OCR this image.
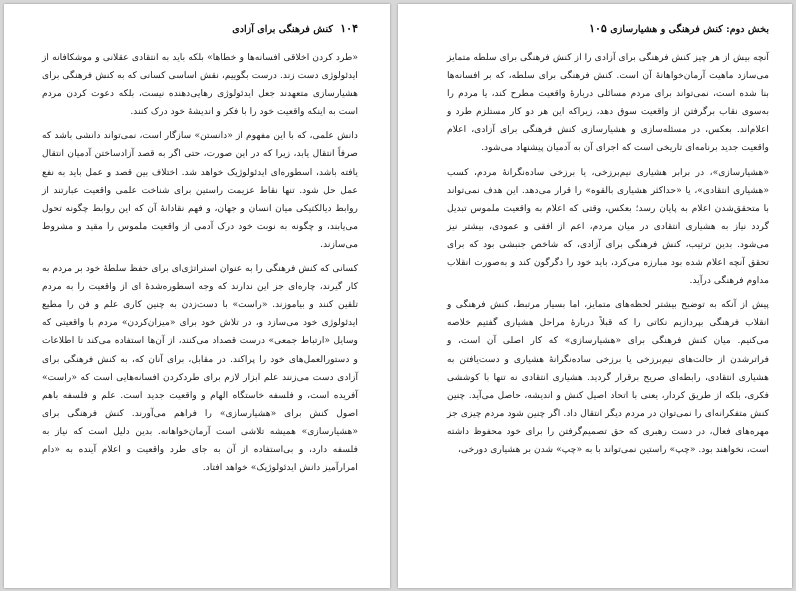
۱۰۴ کنش فرهنگی برای آزادی

«طرد کردن اخلاقی افسانه‌ها و خطاها» بلکه باید به انتقادی عقلانی و موشکافانه از ایدئولوژی دست زند. درست بگوییم، نقش اساسی کسانی که به کنش فرهنگی برای هشیارسازی متعهدند جعل ایدئولوژی رهایی‌دهنده نیست، بلکه دعوت کردن مردم است به اینکه واقعیت خود را با فکر و اندیشهٔ خود درک کنند.

دانش علمی، که با این مفهوم از «دانستن» سازگار است، نمی‌تواند دانشی باشد که صرفاً انتقال یابد، زیرا که در این صورت، حتی اگر به قصد آزادساختن آدمیان انتقال یافته باشد، اسطوره‌ای ایدئولوژیک خواهد شد. اختلاف بین قصد و عمل باید به نفع عمل حل شود. تنها نقاط عزیمت راستین برای شناخت علمی واقعیت عبارتند از روابط دیالکتیکی میان انسان و جهان، و فهم نقادانهٔ آن که این روابط چگونه تحول می‌یابند، و چگونه به نوبت خود درک آدمی از واقعیت ملموس را مقید و مشروط می‌سازند.

کسانی که کنش فرهنگی را به عنوان استراتژی‌ای برای حفظ سلطهٔ خود بر مردم به کار گیرند، چاره‌ای جز این ندارند که وجه اسطوره‌شدهٔ ای از واقعیت را به مردم تلقین کنند و بیاموزند. «راست» با دست‌زدن به چنین کاری علم و فن را مطیع ایدئولوژی خود می‌سازد و، در تلاش خود برای «میزان‌کردن» مردم با واقعیتی که وسایل «ارتباط جمعی» درست قصداد می‌کنند، از آن‌ها استفاده می‌کند تا اطلاعات و دستورالعمل‌های خود را پراکند. در مقابل، برای آنان که، به کنش فرهنگی برای آزادی دست می‌زنند علم ابزار لازم برای طردکردن افسانه‌هایی است که «راست» آفریده است، و فلسفه خاستگاه الهام و واقعیت جدید است. علم و فلسفه باهم اصول کنش برای «هشیارسازی» را فراهم می‌آورند. کنش فرهنگی برای «هشیارسازی» همیشه تلاشی است آرمان‌خواهانه. بدین دلیل است که نیاز به فلسفه دارد، و بی‌استفاده از آن به جای طرد واقعیت و اعلام آینده به «دام امرارآمیز دانش ایدئولوژیک» خواهد افتاد.

بخش دوم: کنش فرهنگی و هشیارسازی ۱۰۵

آنچه بیش از هر چیز کنش فرهنگی برای آزادی را از کنش فرهنگی برای سلطه متمایز می‌سازد ماهیت آرمان‌خواهانهٔ آن است. کنش فرهنگی برای سلطه، که بر افسانه‌ها بنا شده است، نمی‌تواند برای مردم مسائلی دربارهٔ واقعیت مطرح کند، یا مردم را به‌سوی نقاب برگرفتن از واقعیت سوق دهد، زیراکه این هر دو کار مستلزم طرد و اعلام‌اند. بعکس، در مسئله‌سازی و هشیارسازی کنش فرهنگی برای آزادی، اعلام واقعیت جدید برنامه‌ای تاریخی است که اجرای آن به آدمیان پیشنهاد می‌شود.

«هشیارسازی»، در برابر هشیاری نیم‌برزخی، یا برزخی ساده‌نگرانهٔ مردم، کسب «هشیاری انتقادی»، یا «حداکثر هشیاری بالقوه» را قرار می‌دهد. این هدف نمی‌تواند با متحقق‌شدن اعلام به پایان رسد؛ بعکس، وقتی که اعلام به واقعیت ملموس تبدیل گردد نیاز به هشیاری انتقادی در میان مردم، اعم از افقی و عمودی، بیشتر نیز می‌شود. بدین ترتیب، کنش فرهنگی برای آزادی، که شاخص جنبشی بود که برای تحقق آنچه اعلام شده بود مبارزه می‌کرد، باید خود را دگرگون کند و به‌صورت انقلاب مداوم فرهنگی درآید.

پیش از آنکه به توضیح بیشتر لحظه‌های متمایز، اما بسیار مرتبط، کنش فرهنگی و انقلاب فرهنگی بپردازیم نکاتی را که قبلاً دربارهٔ مراحل هشیاری گفتیم خلاصه می‌کنیم. میان کنش فرهنگی برای «هشیارسازی» که کار اصلی آن است، و فراترشدن از حالت‌های نیم‌برزخی یا برزخی ساده‌نگرانهٔ هشیاری و دست‌یافتن به هشیاری انتقادی، رابطه‌ای صریح برقرار گردید. هشیاری انتقادی نه تنها با کوششی فکری، بلکه از طریق کردار، یعنی با اتحاد اصیل کنش و اندیشه، حاصل می‌آید. چنین کنش متفکرانه‌ای را نمی‌توان در مردم دیگر انتقال داد. اگر چنین شود مردم چیزی جز مهره‌های فعال، در دست رهبری که حق تصمیم‌گرفتن را برای خود محفوظ داشته است، نخواهند بود. «چپ» راستین نمی‌تواند با به «چپ» شدن بر هشیاری دورخی،
